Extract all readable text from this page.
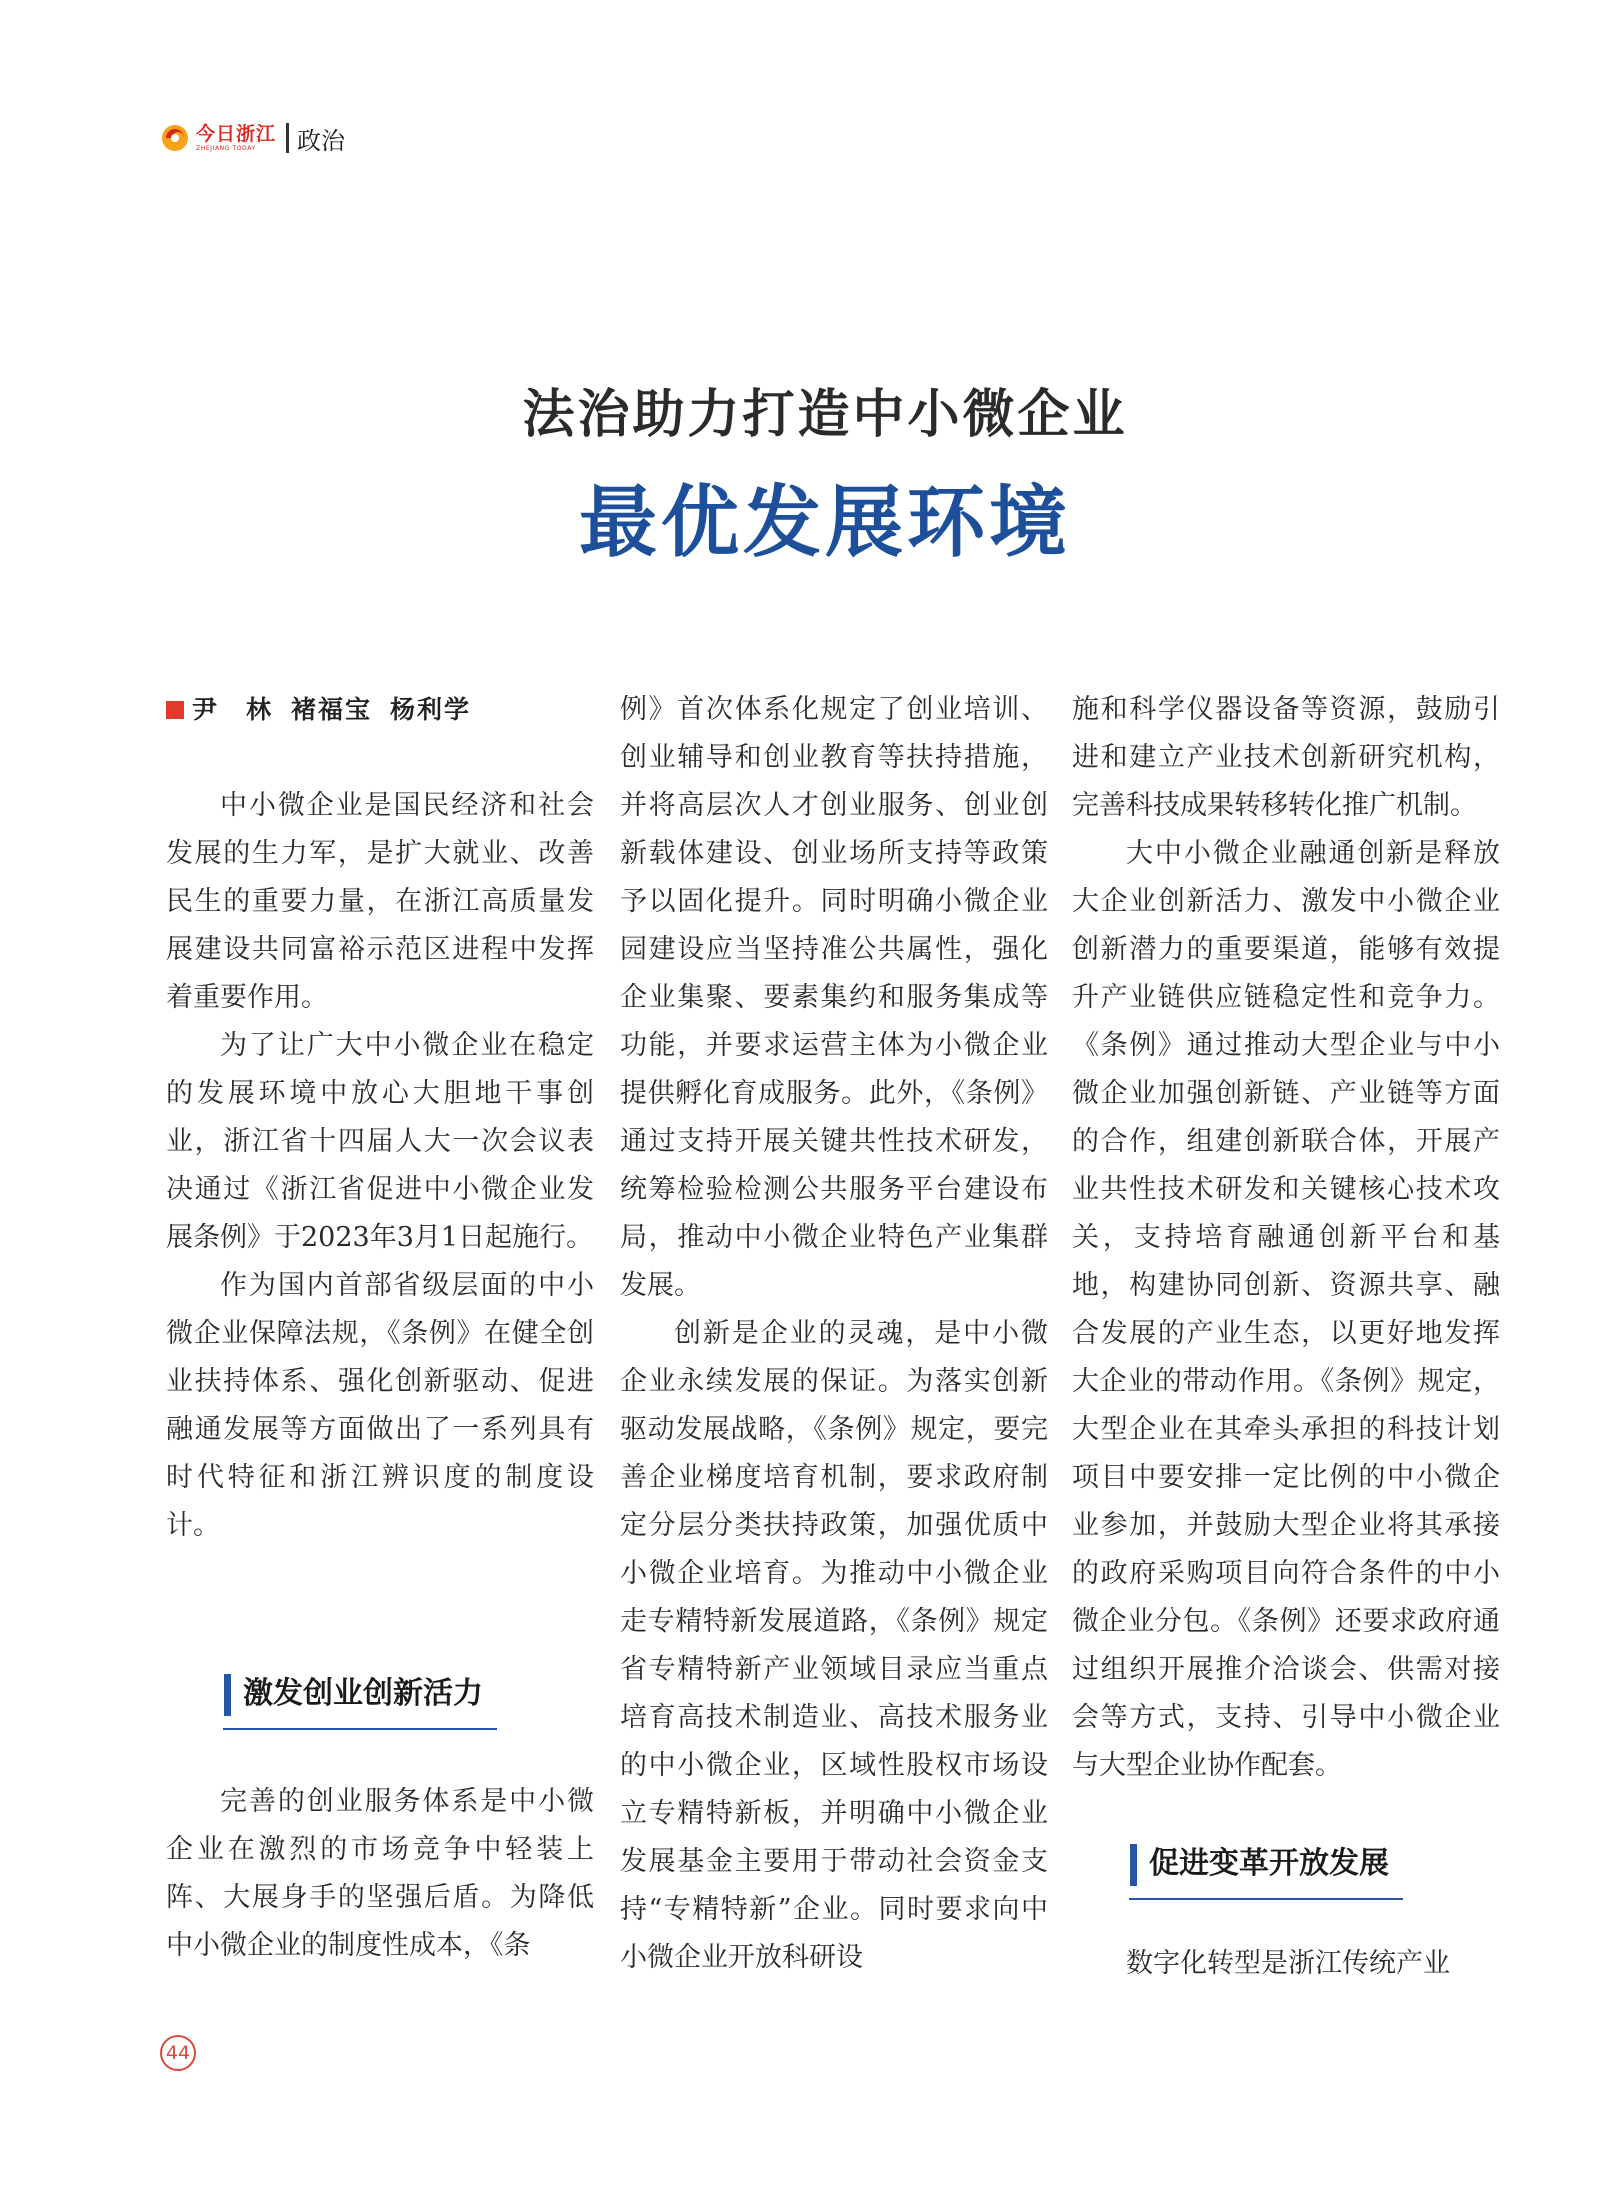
今日浙江
ZHEJIANG TODAY	政治
法治助力打造中小微企业
最优发展环境
尹　林 褚福宝 杨利学

中小微企业是国民经济和社会发展的生力军，是扩大就业、改善民生的重要力量，在浙江高质量发展建设共同富裕示范区进程中发挥着重要作用。

为了让广大中小微企业在稳定的发展环境中放心大胆地干事创业，浙江省十四届人大一次会议表决通过《浙江省促进中小微企业发展条例》于2023年3月1日起施行。

作为国内首部省级层面的中小微企业保障法规，《条例》在健全创业扶持体系、强化创新驱动、促进融通发展等方面做出了一系列具有时代特征和浙江辨识度的制度设计。

激发创业创新活力

完善的创业服务体系是中小微企业在激烈的市场竞争中轻装上阵、大展身手的坚强后盾。为降低中小微企业的制度性成本，《条

例》首次体系化规定了创业培训、创业辅导和创业教育等扶持措施，并将高层次人才创业服务、创业创新载体建设、创业场所支持等政策予以固化提升。同时明确小微企业园建设应当坚持准公共属性，强化企业集聚、要素集约和服务集成等功能，并要求运营主体为小微企业提供孵化育成服务。此外，《条例》通过支持开展关键共性技术研发，统筹检验检测公共服务平台建设布局，推动中小微企业特色产业集群发展。

创新是企业的灵魂，是中小微企业永续发展的保证。为落实创新驱动发展战略，《条例》规定，要完善企业梯度培育机制，要求政府制定分层分类扶持政策，加强优质中小微企业培育。为推动中小微企业走专精特新发展道路，《条例》规定省专精特新产业领域目录应当重点培育高技术制造业、高技术服务业的中小微企业，区域性股权市场设立专精特新板，并明确中小微企业发展基金主要用于带动社会资金支持“专精特新”企业。同时要求向中小微企业开放科研设

施和科学仪器设备等资源，鼓励引进和建立产业技术创新研究机构，完善科技成果转移转化推广机制。

大中小微企业融通创新是释放大企业创新活力、激发中小微企业创新潜力的重要渠道，能够有效提升产业链供应链稳定性和竞争力。《条例》通过推动大型企业与中小微企业加强创新链、产业链等方面的合作，组建创新联合体，开展产业共性技术研发和关键核心技术攻关，支持培育融通创新平台和基地，构建协同创新、资源共享、融合发展的产业生态，以更好地发挥大企业的带动作用。《条例》规定，大型企业在其牵头承担的科技计划项目中要安排一定比例的中小微企业参加，并鼓励大型企业将其承接的政府采购项目向符合条件的中小微企业分包。《条例》还要求政府通过组织开展推介洽谈会、供需对接会等方式，支持、引导中小微企业与大型企业协作配套。

促进变革开放发展

数字化转型是浙江传统产业

44
